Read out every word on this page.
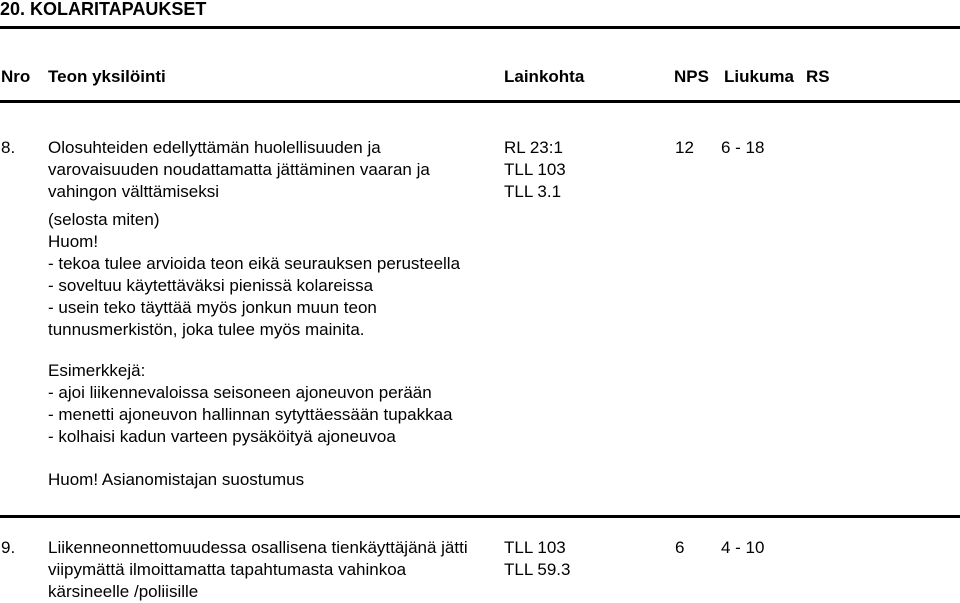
20. KOLARITAPAUKSET
Nro Teon yksilöinti	Lainkohta	NPS Liukuma RS
8. Olosuhteiden edellyttämän huolellisuuden ja
varovaisuuden noudattamatta jättäminen vaaran ja
vahingon välttämiseksi
(selosta miten)
Huom!
- tekoa tulee arvioida teon eikä seurauksen perusteella
- soveltuu käytettäväksi pienissä kolareissa
- usein teko täyttää myös jonkun muun teon
tunnusmerkistön, joka tulee myös mainita.
Esimerkkejä:
- ajoi liikennevaloissa seisoneen ajoneuvon perään
- menetti ajoneuvon hallinnan sytyttäessään tupakkaa
- kolhaisi kadun varteen pysäköityä ajoneuvoa
Huom! Asianomistajan suostumus
RL 23:1
TLL 103
TLL 3.1
12 6 - 18
9. Liikenneonnettomuudessa osallisena tienkäyttäjänä jätti
viipymättä ilmoittamatta tapahtumasta vahinkoa
kärsineelle /poliisille
TLL 103
TLL 59.3
6 4 - 10
